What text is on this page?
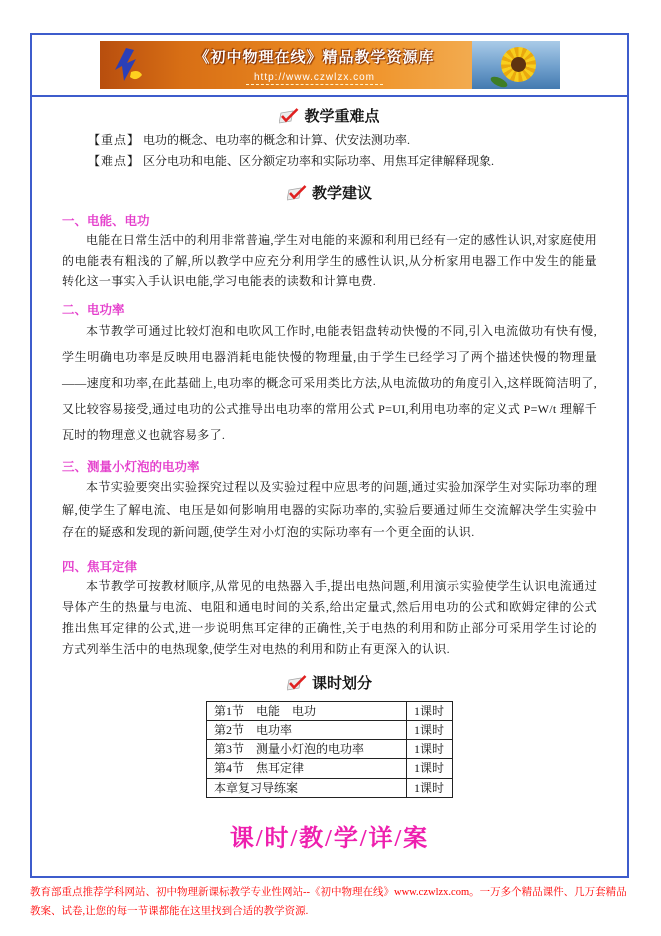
《初中物理在线》精品教学资源库
http://www.czwlzx.com
教学重难点
【重点】 电功的概念、电功率的概念和计算、伏安法测功率.
【难点】 区分电功和电能、区分额定功率和实际功率、用焦耳定律解释现象.
教学建议
一、电能、电功

电能在日常生活中的利用非常普遍,学生对电能的来源和利用已经有一定的感性认识,对家庭使用的电能表有粗浅的了解,所以教学中应充分利用学生的感性认识,从分析家用电器工作中发生的能量转化这一事实入手认识电能,学习电能表的读数和计算电费.

二、电功率

本节教学可通过比较灯泡和电吹风工作时,电能表铝盘转动快慢的不同,引入电流做功有快有慢,学生明确电功率是反映用电器消耗电能快慢的物理量,由于学生已经学习了两个描述快慢的物理量――速度和功率,在此基础上,电功率的概念可采用类比方法,从电流做功的角度引入,这样既简洁明了,又比较容易接受,通过电功的公式推导出电功率的常用公式 P=UI,利用电功率的定义式 P=W/t 理解千瓦时的物理意义也就容易多了.

三、测量小灯泡的电功率

本节实验要突出实验探究过程以及实验过程中应思考的问题,通过实验加深学生对实际功率的理解,使学生了解电流、电压是如何影响用电器的实际功率的,实验后要通过师生交流解决学生实验中存在的疑惑和发现的新问题,使学生对小灯泡的实际功率有一个更全面的认识.

四、焦耳定律

本节教学可按教材顺序,从常见的电热器入手,提出电热问题,利用演示实验使学生认识电流通过导体产生的热量与电流、电阻和通电时间的关系,给出定量式,然后用电功的公式和欧姆定律的公式推出焦耳定律的公式,进一步说明焦耳定律的正确性,关于电热的利用和防止部分可采用学生讨论的方式列举生活中的电热现象,使学生对电热的利用和防止有更深入的认识.

课时划分
第1节　电能　电功	1课时
第2节　电功率	1课时
第3节　测量小灯泡的电功率	1课时
第4节　焦耳定律	1课时
本章复习导练案	1课时
课/时/教/学/详/案
教育部重点推荐学科网站、初中物理新课标教学专业性网站--《初中物理在线》www.czwlzx.com。一万多个精品课件、几万套精品教案、试卷,让您的每一节课都能在这里找到合适的教学资源.
